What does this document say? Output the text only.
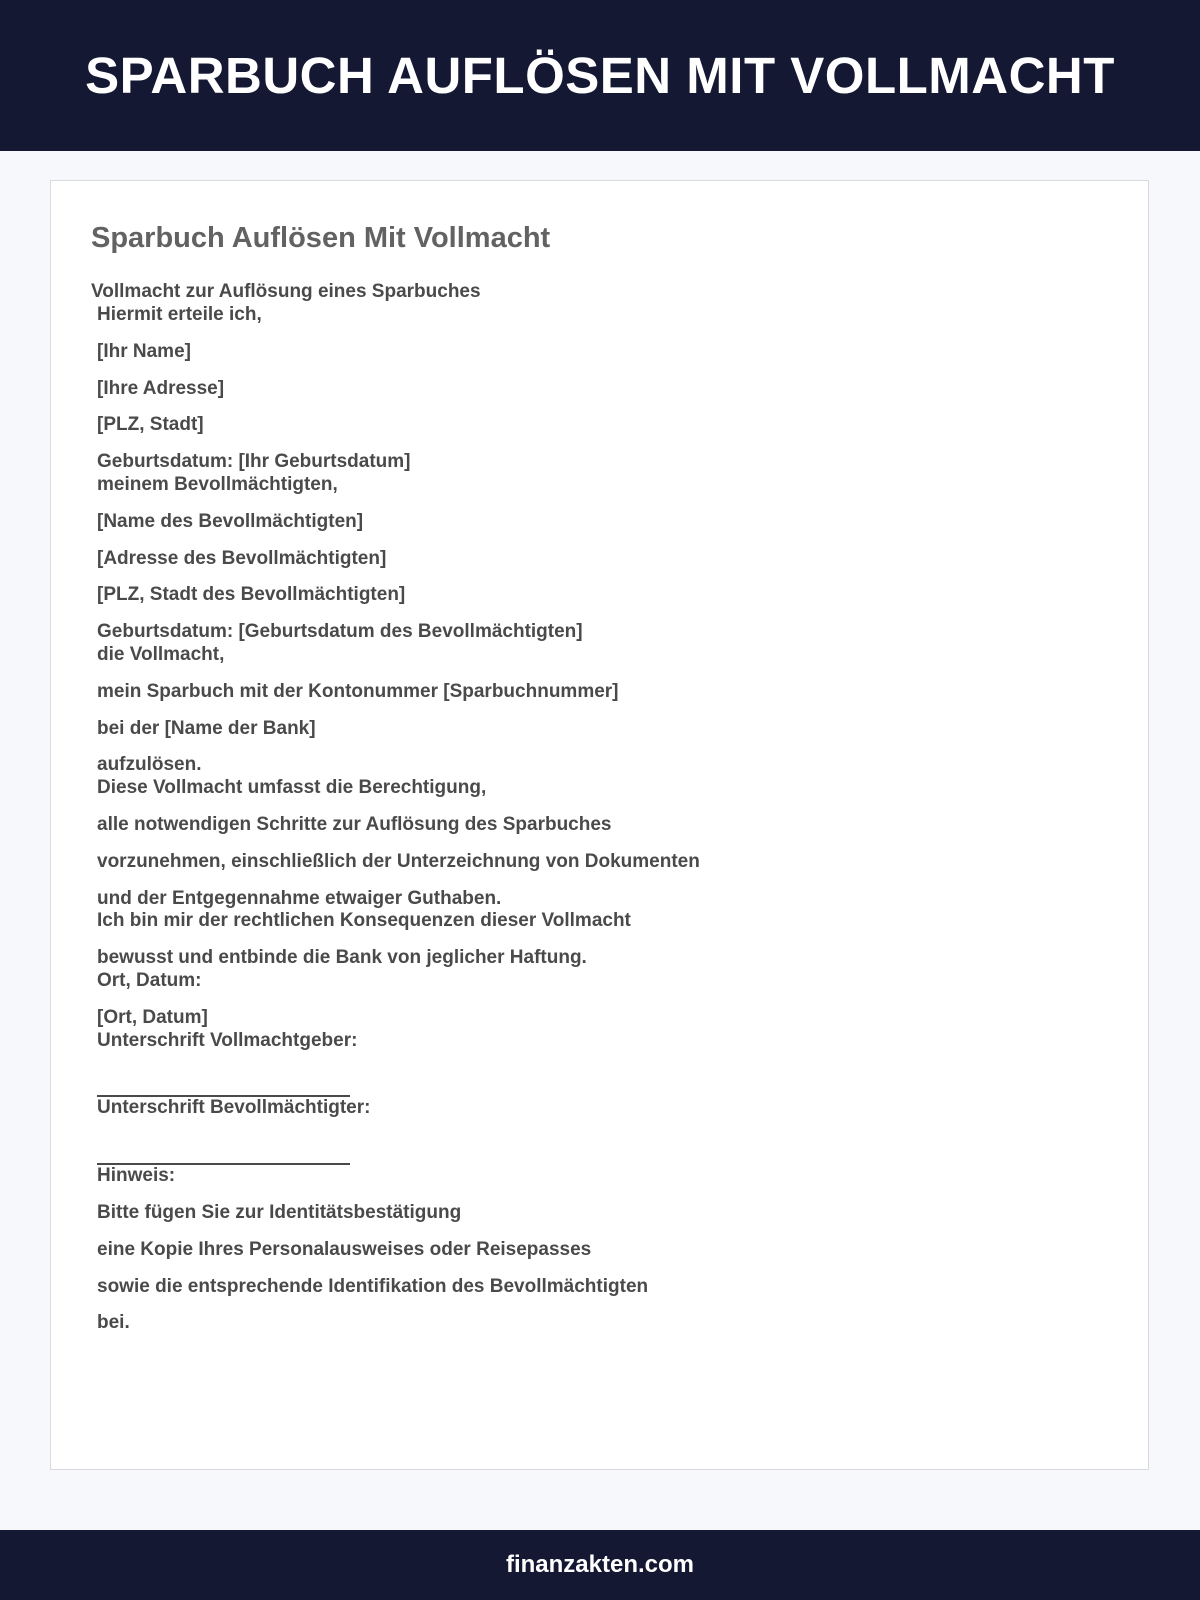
SPARBUCH AUFLÖSEN MIT VOLLMACHT
Sparbuch Auflösen Mit Vollmacht
Vollmacht zur Auflösung eines Sparbuches
Hiermit erteile ich,
[Ihr Name]
[Ihre Adresse]
[PLZ, Stadt]
Geburtsdatum: [Ihr Geburtsdatum]
meinem Bevollmächtigten,
[Name des Bevollmächtigten]
[Adresse des Bevollmächtigten]
[PLZ, Stadt des Bevollmächtigten]
Geburtsdatum: [Geburtsdatum des Bevollmächtigten]
die Vollmacht,
mein Sparbuch mit der Kontonummer [Sparbuchnummer]
bei der [Name der Bank]
aufzulösen.
Diese Vollmacht umfasst die Berechtigung,
alle notwendigen Schritte zur Auflösung des Sparbuches
vorzunehmen, einschließlich der Unterzeichnung von Dokumenten
und der Entgegennahme etwaiger Guthaben.
Ich bin mir der rechtlichen Konsequenzen dieser Vollmacht
bewusst und entbinde die Bank von jeglicher Haftung.
Ort, Datum:
[Ort, Datum]
Unterschrift Vollmachtgeber:
Unterschrift Bevollmächtigter:
Hinweis:
Bitte fügen Sie zur Identitätsbestätigung
eine Kopie Ihres Personalausweises oder Reisepasses
sowie die entsprechende Identifikation des Bevollmächtigten
bei.
finanzakten.com
